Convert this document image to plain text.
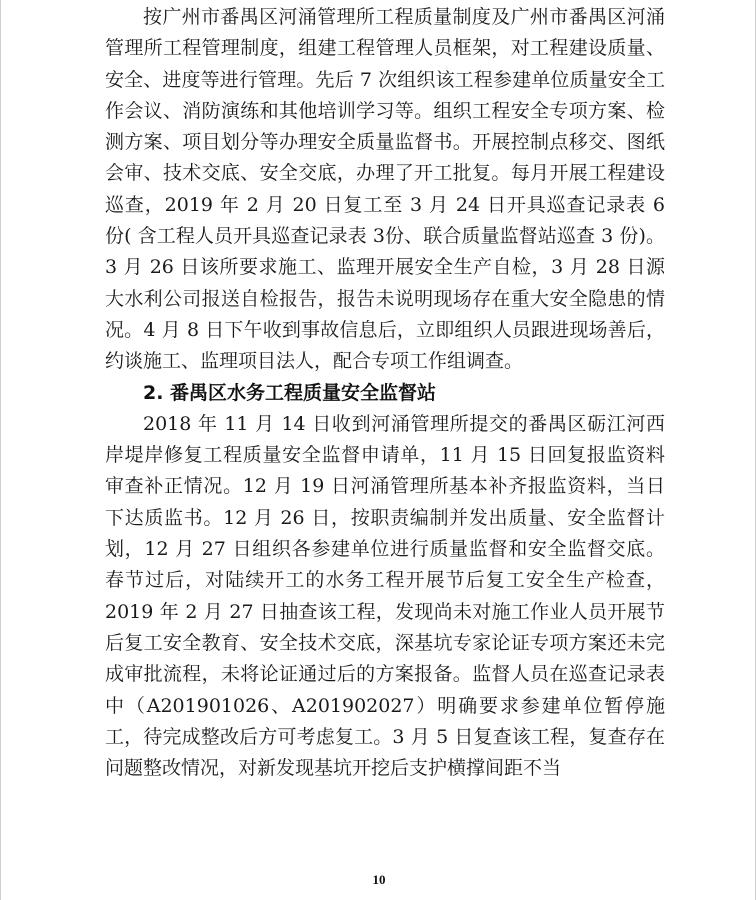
按广州市番禺区河涌管理所工程质量制度及广州市番禺区河涌管理所工程管理制度，组建工程管理人员框架，对工程建设质量、安全、进度等进行管理。先后 7 次组织该工程参建单位质量安全工作会议、消防演练和其他培训学习等。组织工程安全专项方案、检测方案、项目划分等办理安全质量监督书。开展控制点移交、图纸会审、技术交底、安全交底，办理了开工批复。每月开展工程建设巡查，2019 年 2 月 20 日复工至 3 月 24 日开具巡查记录表 6 份( 含工程人员开具巡查记录表 3份、联合质量监督站巡查 3 份)。3 月 26 日该所要求施工、监理开展安全生产自检，3 月 28 日源大水利公司报送自检报告，报告未说明现场存在重大安全隐患的情况。4 月 8 日下午收到事故信息后，立即组织人员跟进现场善后，约谈施工、监理项目法人，配合专项工作组调查。

2. 番禺区水务工程质量安全监督站

2018 年 11 月 14 日收到河涌管理所提交的番禺区砺江河西岸堤岸修复工程质量安全监督申请单，11 月 15 日回复报监资料审查补正情况。12 月 19 日河涌管理所基本补齐报监资料，当日下达质监书。12 月 26 日，按职责编制并发出质量、安全监督计划，12 月 27 日组织各参建单位进行质量监督和安全监督交底。春节过后，对陆续开工的水务工程开展节后复工安全生产检查，2019 年 2 月 27 日抽查该工程，发现尚未对施工作业人员开展节后复工安全教育、安全技术交底，深基坑专家论证专项方案还未完成审批流程，未将论证通过后的方案报备。监督人员在巡查记录表中（A201901026、A201902027）明确要求参建单位暂停施工，待完成整改后方可考虑复工。3 月 5 日复查该工程，复查存在问题整改情况，对新发现基坑开挖后支护横撑间距不当

10
